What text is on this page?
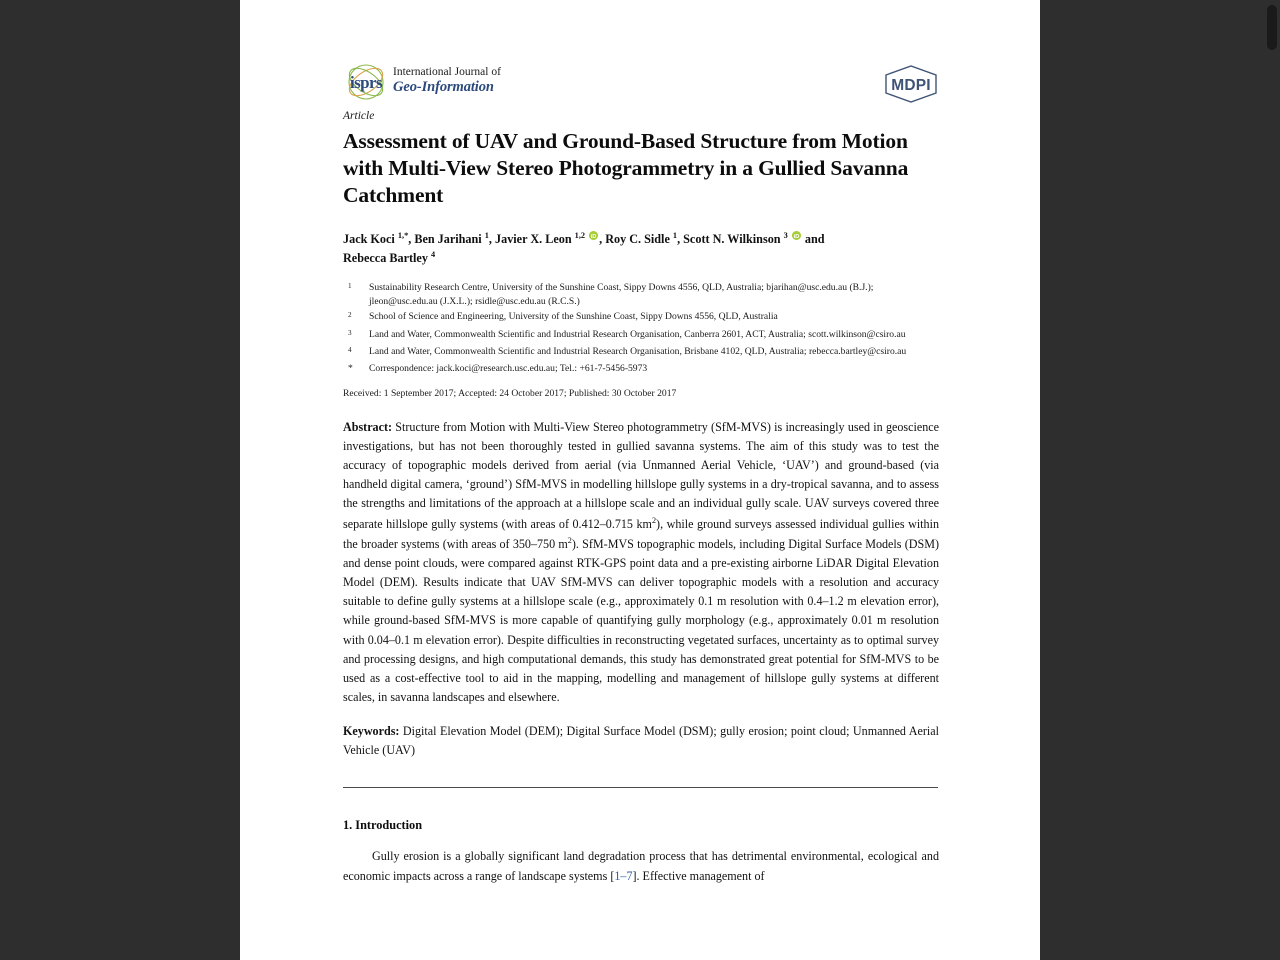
isprs
International Journal of
Geo-Information	MDPI
Article
Assessment of UAV and Ground-Based Structure from Motion with Multi-View Stereo Photogrammetry in a Gullied Savanna Catchment
Jack Koci $^{1,*}$, Ben Jarihani $^1$, Javier X. Leon $^{1,2}$ iD , Roy C. Sidle $^1$, Scott N. Wilkinson $^3$ iD and
Rebecca Bartley $^4$
$^1$	Sustainability Research Centre, University of the Sunshine Coast, Sippy Downs 4556, QLD, Australia; bjarihan@usc.edu.au (B.J.); jleon@usc.edu.au (J.X.L.); rsidle@usc.edu.au (R.C.S.)
$^2$	School of Science and Engineering, University of the Sunshine Coast, Sippy Downs 4556, QLD, Australia
$^3$	Land and Water, Commonwealth Scientific and Industrial Research Organisation, Canberra 2601, ACT, Australia; scott.wilkinson@csiro.au
$^4$	Land and Water, Commonwealth Scientific and Industrial Research Organisation, Brisbane 4102, QLD, Australia; rebecca.bartley@csiro.au
*	Correspondence: jack.koci@research.usc.edu.au; Tel.: +61-7-5456-5973
Received: 1 September 2017; Accepted: 24 October 2017; Published: 30 October 2017
Abstract: Structure from Motion with Multi-View Stereo photogrammetry (SfM-MVS) is increasingly used in geoscience investigations, but has not been thoroughly tested in gullied savanna systems. The aim of this study was to test the accuracy of topographic models derived from aerial (via Unmanned Aerial Vehicle, ‘UAV’) and ground-based (via handheld digital camera, ‘ground’) SfM-MVS in modelling hillslope gully systems in a dry-tropical savanna, and to assess the strengths and limitations of the approach at a hillslope scale and an individual gully scale. UAV surveys covered three separate hillslope gully systems (with areas of 0.412–0.715 $km^2$), while ground surveys assessed individual gullies within the broader systems (with areas of 350–750 $m^2$). SfM-MVS topographic models, including Digital Surface Models (DSM) and dense point clouds, were compared against RTK-GPS point data and a pre-existing airborne LiDAR Digital Elevation Model (DEM). Results indicate that UAV SfM-MVS can deliver topographic models with a resolution and accuracy suitable to define gully systems at a hillslope scale (e.g., approximately 0.1 m resolution with 0.4–1.2 m elevation error), while ground-based SfM-MVS is more capable of quantifying gully morphology (e.g., approximately 0.01 m resolution with 0.04–0.1 m elevation error). Despite difficulties in reconstructing vegetated surfaces, uncertainty as to optimal survey and processing designs, and high computational demands, this study has demonstrated great potential for SfM-MVS to be used as a cost-effective tool to aid in the mapping, modelling and management of hillslope gully systems at different scales, in savanna landscapes and elsewhere.
Keywords: Digital Elevation Model (DEM); Digital Surface Model (DSM); gully erosion; point cloud; Unmanned Aerial Vehicle (UAV)
1. Introduction

Gully erosion is a globally significant land degradation process that has detrimental environmental, ecological and economic impacts across a range of landscape systems [1–7]. Effective management of
